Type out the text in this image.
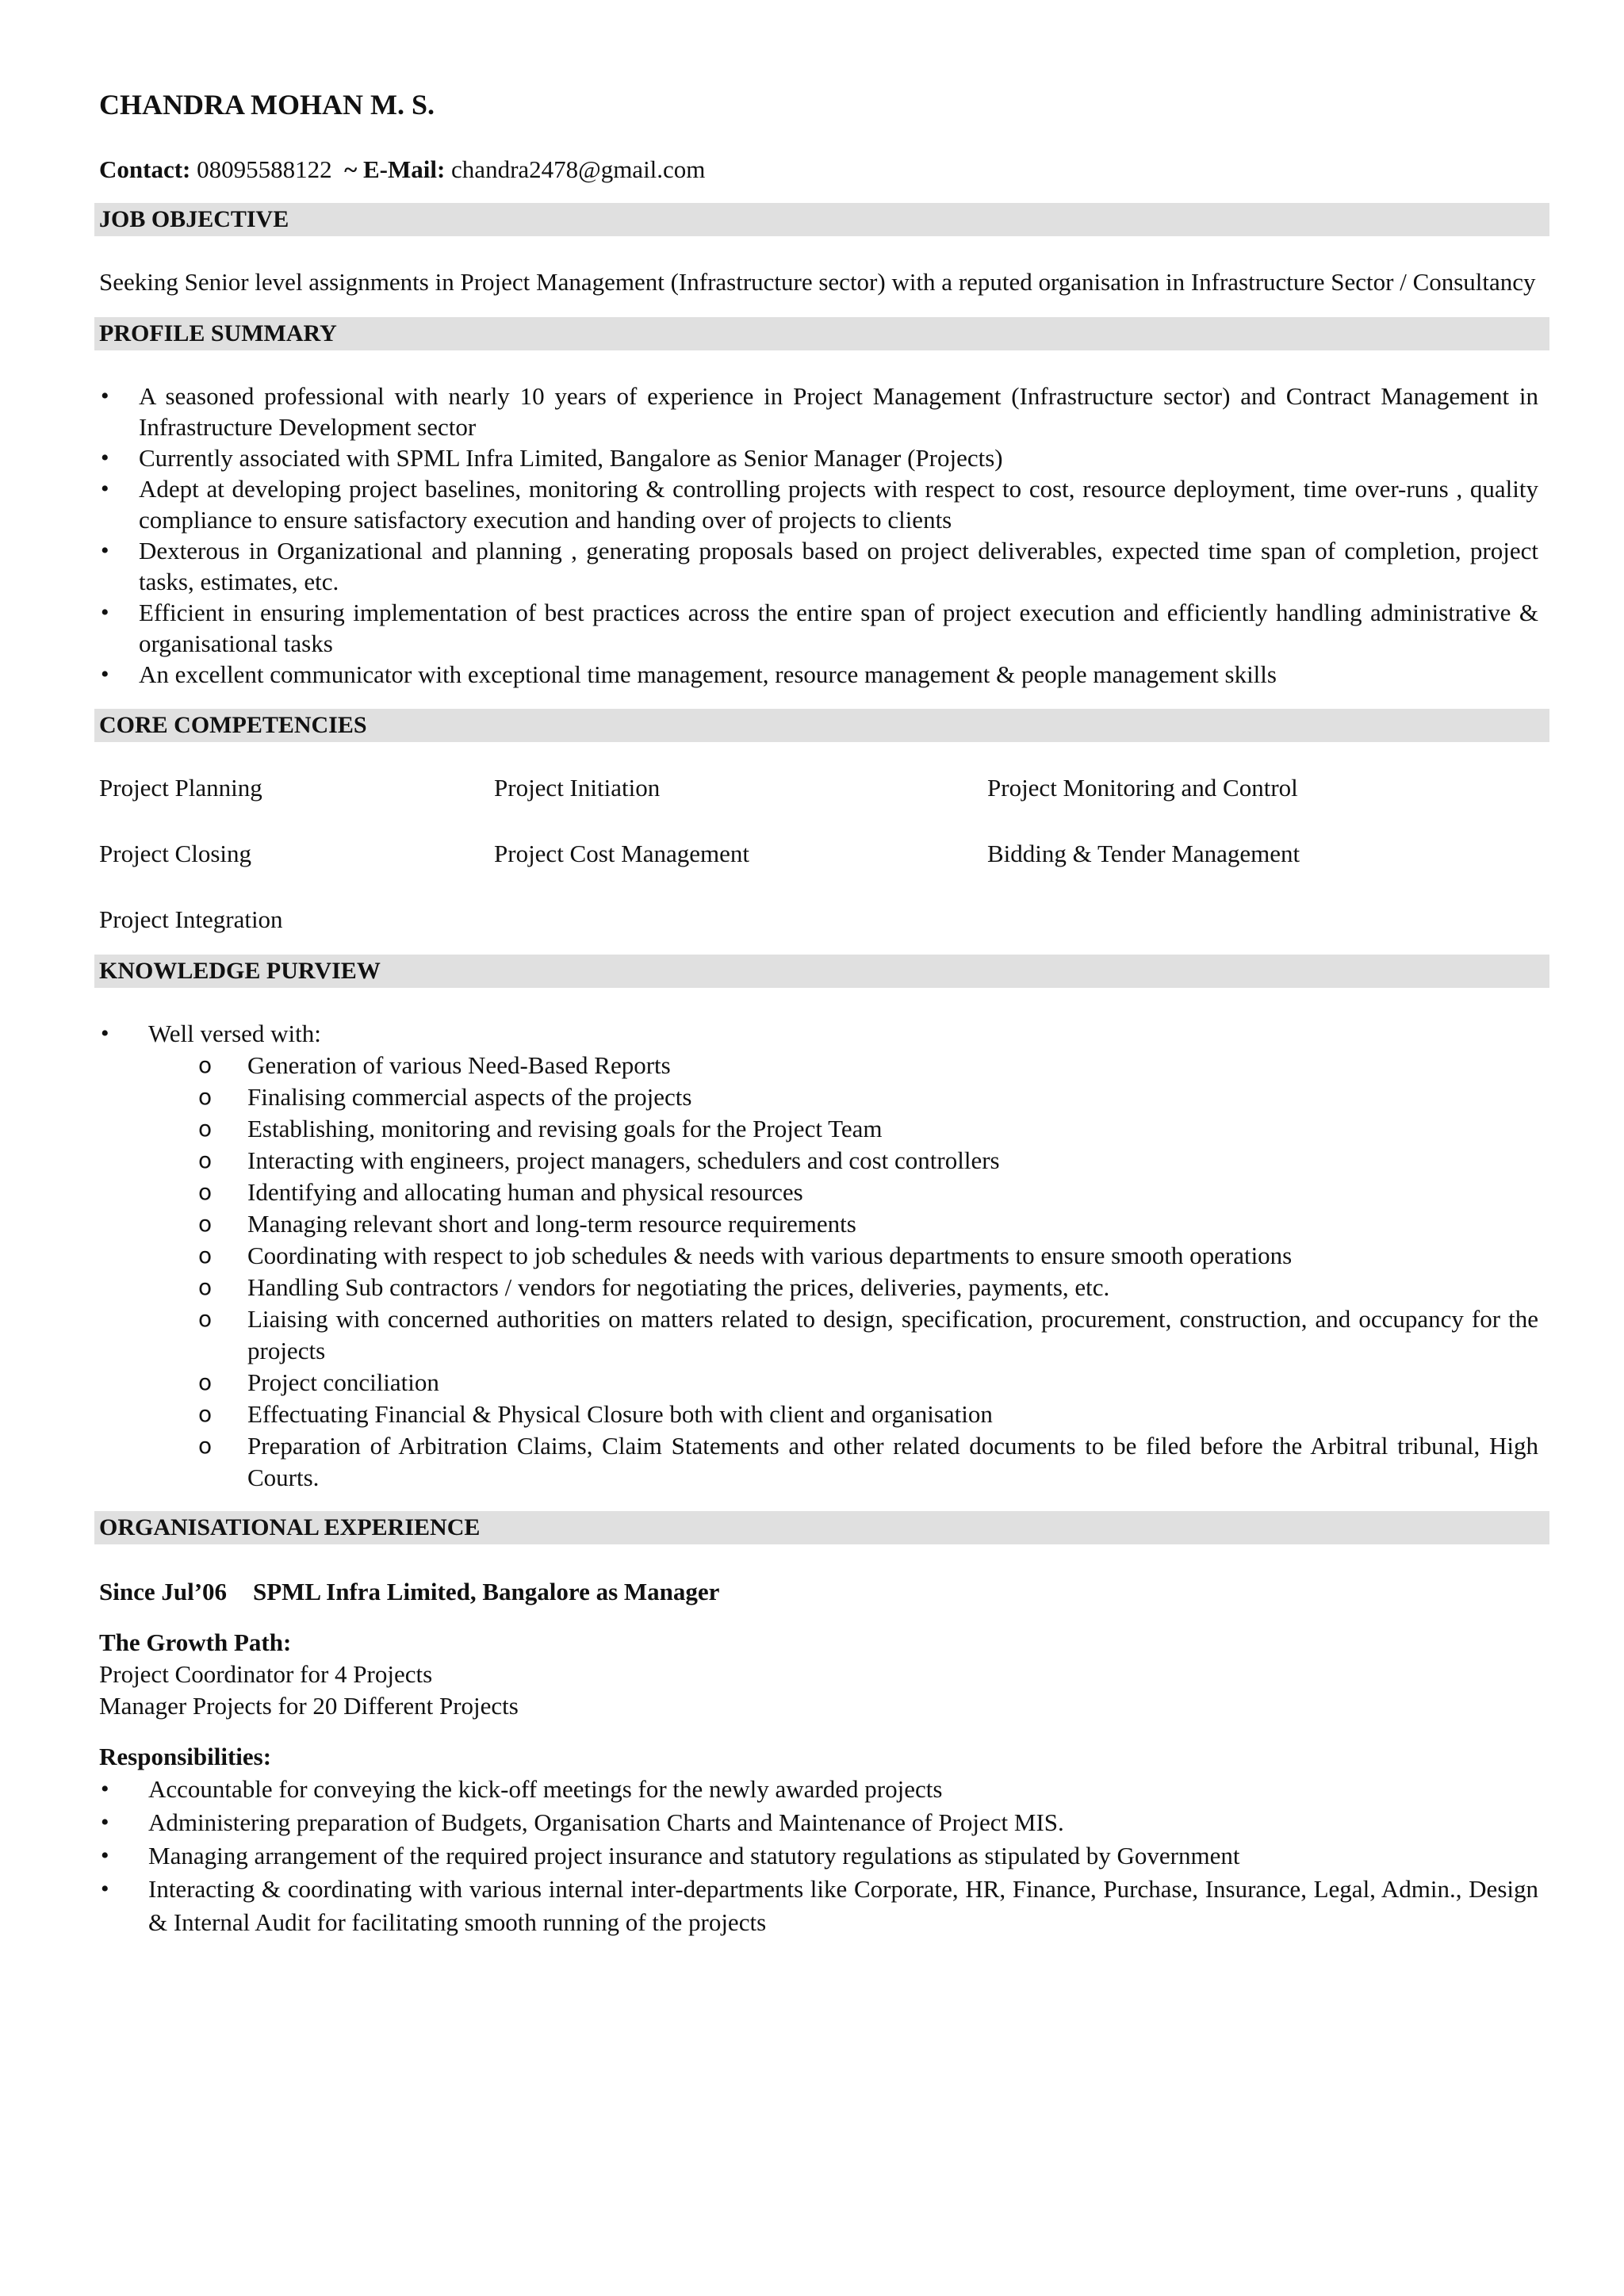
CHANDRA MOHAN M. S.
Contact: 08095588122 ~ E-Mail: chandra2478@gmail.com
JOB OBJECTIVE
Seeking Senior level assignments in Project Management (Infrastructure sector) with a reputed organisation in Infrastructure Sector / Consultancy
PROFILE SUMMARY
• A seasoned professional with nearly 10 years of experience in Project Management (Infrastructure sector) and Contract Management in Infrastructure Development sector
• Currently associated with SPML Infra Limited, Bangalore as Senior Manager (Projects)
• Adept at developing project baselines, monitoring & controlling projects with respect to cost, resource deployment, time over-runs , quality compliance to ensure satisfactory execution and handing over of projects to clients
• Dexterous in Organizational and planning , generating proposals based on project deliverables, expected time span of completion, project tasks, estimates, etc.
• Efficient in ensuring implementation of best practices across the entire span of project execution and efficiently handling administrative & organisational tasks
• An excellent communicator with exceptional time management, resource management & people management skills
CORE COMPETENCIES
Project Planning	Project Initiation	Project Monitoring and Control
Project Closing	Project Cost Management	Bidding & Tender Management
Project Integration
KNOWLEDGE PURVIEW
• Well versed with:
o Generation of various Need-Based Reports
o Finalising commercial aspects of the projects
o Establishing, monitoring and revising goals for the Project Team
o Interacting with engineers, project managers, schedulers and cost controllers
o Identifying and allocating human and physical resources
o Managing relevant short and long-term resource requirements
o Coordinating with respect to job schedules & needs with various departments to ensure smooth operations
o Handling Sub contractors / vendors for negotiating the prices, deliveries, payments, etc.
o Liaising with concerned authorities on matters related to design, specification, procurement, construction, and occupancy for the projects
o Project conciliation
o Effectuating Financial & Physical Closure both with client and organisation
o Preparation of Arbitration Claims, Claim Statements and other related documents to be filed before the Arbitral tribunal, High Courts.
ORGANISATIONAL EXPERIENCE
Since Jul’06	SPML Infra Limited, Bangalore as Manager
The Growth Path:
Project Coordinator for 4 Projects
Manager Projects for 20 Different Projects
Responsibilities:
• Accountable for conveying the kick-off meetings for the newly awarded projects
• Administering preparation of Budgets, Organisation Charts and Maintenance of Project MIS.
• Managing arrangement of the required project insurance and statutory regulations as stipulated by Government
• Interacting & coordinating with various internal inter-departments like Corporate, HR, Finance, Purchase, Insurance, Legal, Admin., Design & Internal Audit for facilitating smooth running of the projects
